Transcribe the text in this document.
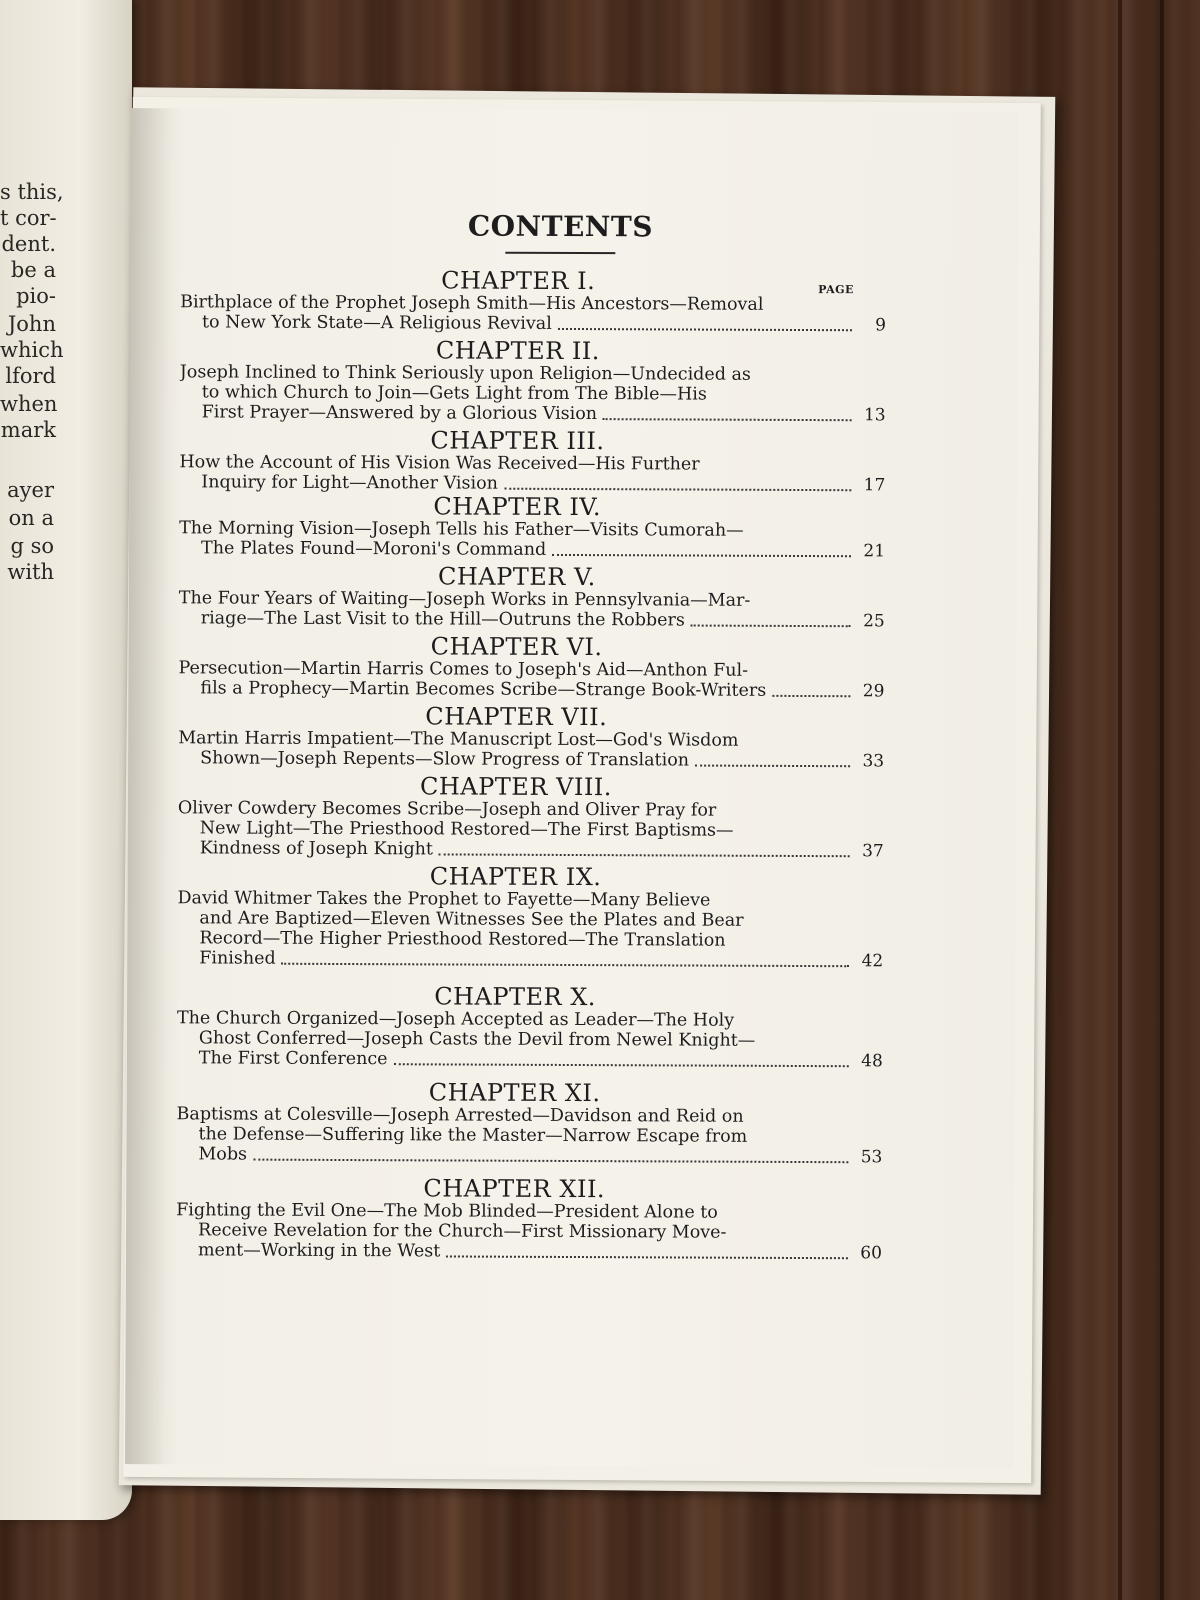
s this,
t cor-
dent.
be a
pio-
John
which
lford
when
mark
ayer
on a
g so
with
CONTENTS
PAGE
CHAPTER I.
Birthplace of the Prophet Joseph Smith—His Ancestors—Removal
to New York State—A Religious Revival	9
CHAPTER II.
Joseph Inclined to Think Seriously upon Religion—Undecided as
to which Church to Join—Gets Light from The Bible—His
First Prayer—Answered by a Glorious Vision	13
CHAPTER III.
How the Account of His Vision Was Received—His Further
Inquiry for Light—Another Vision	17
CHAPTER IV.
The Morning Vision—Joseph Tells his Father—Visits Cumorah—
The Plates Found—Moroni's Command	21
CHAPTER V.
The Four Years of Waiting—Joseph Works in Pennsylvania—Mar-
riage—The Last Visit to the Hill—Outruns the Robbers	25
CHAPTER VI.
Persecution—Martin Harris Comes to Joseph's Aid—Anthon Ful-
fils a Prophecy—Martin Becomes Scribe—Strange Book-Writers	29
CHAPTER VII.
Martin Harris Impatient—The Manuscript Lost—God's Wisdom
Shown—Joseph Repents—Slow Progress of Translation	33
CHAPTER VIII.
Oliver Cowdery Becomes Scribe—Joseph and Oliver Pray for
New Light—The Priesthood Restored—The First Baptisms—
Kindness of Joseph Knight	37
CHAPTER IX.
David Whitmer Takes the Prophet to Fayette—Many Believe
and Are Baptized—Eleven Witnesses See the Plates and Bear
Record—The Higher Priesthood Restored—The Translation
Finished	42
CHAPTER X.
The Church Organized—Joseph Accepted as Leader—The Holy
Ghost Conferred—Joseph Casts the Devil from Newel Knight—
The First Conference	48
CHAPTER XI.
Baptisms at Colesville—Joseph Arrested—Davidson and Reid on
the Defense—Suffering like the Master—Narrow Escape from
Mobs	53
CHAPTER XII.
Fighting the Evil One—The Mob Blinded—President Alone to
Receive Revelation for the Church—First Missionary Move-
ment—Working in the West	60
